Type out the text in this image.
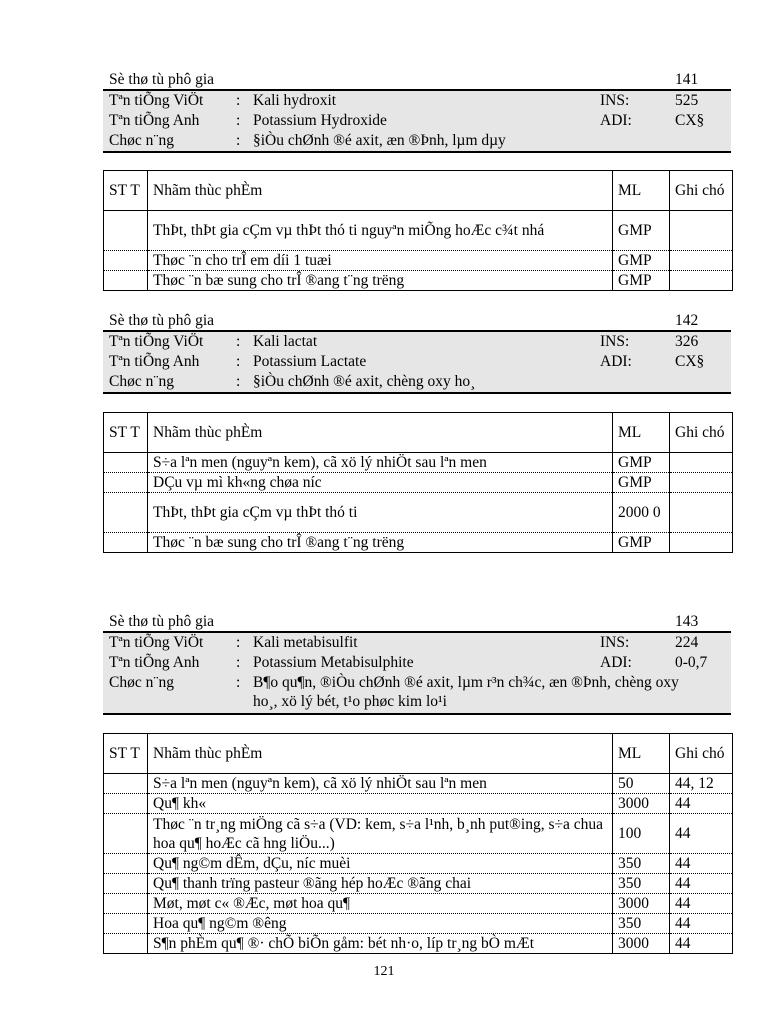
Sè thø tù phô gia	141
Tªn tiÕng ViÖt : Kali hydroxit	INS:	525
Tªn tiÕng Anh : Potassium Hydroxide	ADI:	CX§
Chøc n¨ng	: §iÒu chØnh ®é axit, æn ®Þnh, lµm dµy
ST T	Nhãm thùc phÈm	ML	Ghi chó
	ThÞt, thÞt gia cÇm vµ thÞt thó ti nguyªn miÕng hoÆc c¾t nhá	GMP	
	Thøc ¨n cho trÎ em díi 1 tuæi	GMP	
	Thøc ¨n bæ sung cho trÎ ®ang t¨ng trëng	GMP	
Sè thø tù phô gia	142
Tªn tiÕng ViÖt : Kali lactat	INS:	326
Tªn tiÕng Anh : Potassium Lactate	ADI:	CX§
Chøc n¨ng	: §iÒu chØnh ®é axit, chèng oxy ho¸
ST T	Nhãm thùc phÈm	ML	Ghi chó
	S÷a lªn men (nguyªn kem), cã xö lý nhiÖt sau lªn men	GMP	
	DÇu vµ mì kh«ng chøa níc	GMP	
	ThÞt, thÞt gia cÇm vµ thÞt thó ti	2000 0	
	Thøc ¨n bæ sung cho trÎ ®ang t¨ng trëng	GMP	
Sè thø tù phô gia	143
Tªn tiÕng ViÖt : Kali metabisulfit	INS:	224
Tªn tiÕng Anh : Potassium Metabisulphite	ADI:	0-0,7
Chøc n¨ng	: B¶o qu¶n, ®iÒu chØnh ®é axit, lµm r³n ch¾c, æn ®Þnh, chèng oxy ho¸, xö lý bét, t¹o phøc kim lo¹i
ST T	Nhãm thùc phÈm	ML	Ghi chó
	S÷a lªn men (nguyªn kem), cã xö lý nhiÖt sau lªn men	50	44, 12
	Qu¶ kh«	3000	44
	Thøc ¨n tr¸ng miÖng cã s÷a (VD: kem, s÷a l¹nh, b¸nh put®ing, s÷a chua hoa qu¶ hoÆc cã hng liÖu...)	100	44
	Qu¶ ng©m dÊm, dÇu, níc muèi	350	44
	Qu¶ thanh trïng pasteur ®ãng hép hoÆc ®ãng chai	350	44
	Møt, møt c« ®Æc, møt hoa qu¶	3000	44
	Hoa qu¶ ng©m ®êng	350	44
	S¶n phÈm qu¶ ®· chÕ biÕn gåm: bét nh·o, líp tr¸ng bÒ mÆt	3000	44
121
